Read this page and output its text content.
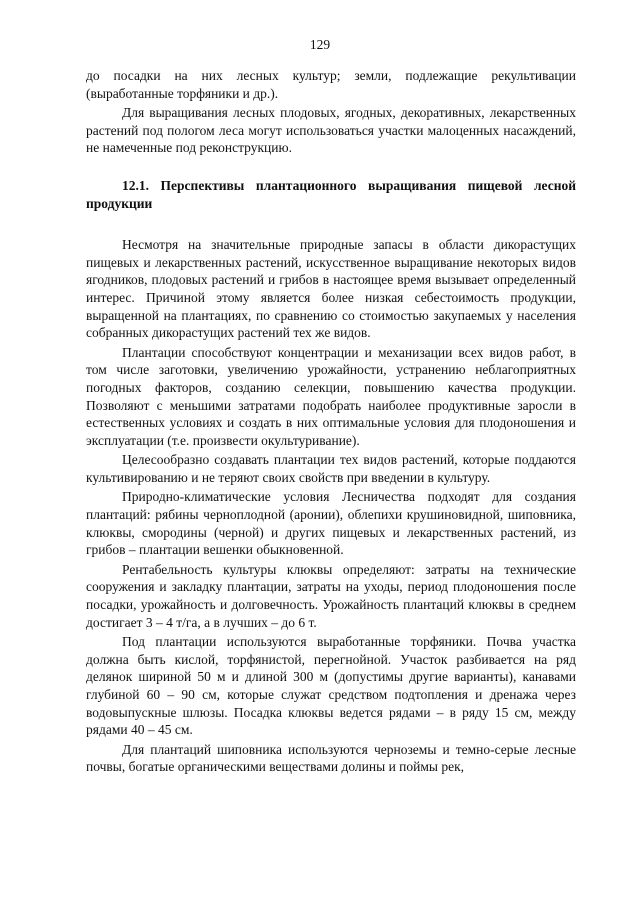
129

до посадки на них лесных культур; земли, подлежащие рекультивации (выработанные торфяники и др.).

Для выращивания лесных плодовых, ягодных, декоративных, лекарственных растений под пологом леса могут использоваться участки малоценных насаждений, не намеченные под реконструкцию.

12.1. Перспективы плантационного выращивания пищевой лесной продукции

Несмотря на значительные природные запасы в области дикорастущих пищевых и лекарственных растений, искусственное выращивание некоторых видов ягодников, плодовых растений и грибов в настоящее время вызывает определенный интерес. Причиной этому является более низкая себестоимость продукции, выращенной на плантациях, по сравнению со стоимостью закупаемых у населения собранных дикорастущих растений тех же видов.

Плантации способствуют концентрации и механизации всех видов работ, в том числе заготовки, увеличению урожайности, устранению неблагоприятных погодных факторов, созданию селекции, повышению качества продукции. Позволяют с меньшими затратами подобрать наиболее продуктивные заросли в естественных условиях и создать в них оптимальные условия для плодоношения и эксплуатации (т.е. произвести окультуривание).

Целесообразно создавать плантации тех видов растений, которые поддаются культивированию и не теряют своих свойств при введении в культуру.

Природно-климатические условия Лесничества подходят для создания плантаций: рябины черноплодной (аронии), облепихи крушиновидной, шиповника, клюквы, смородины (черной) и других пищевых и лекарственных растений, из грибов – плантации вешенки обыкновенной.

Рентабельность культуры клюквы определяют: затраты на технические сооружения и закладку плантации, затраты на уходы, период плодоношения после посадки, урожайность и долговечность. Урожайность плантаций клюквы в среднем достигает 3 – 4 т/га, а в лучших – до 6 т.

Под плантации используются выработанные торфяники. Почва участка должна быть кислой, торфянистой, перегнойной. Участок разбивается на ряд делянок шириной 50 м и длиной 300 м (допустимы другие варианты), канавами глубиной 60 – 90 см, которые служат средством подтопления и дренажа через водовыпускные шлюзы. Посадка клюквы ведется рядами – в ряду 15 см, между рядами 40 – 45 см.

Для плантаций шиповника используются черноземы и темно-серые лесные почвы, богатые органическими веществами долины и поймы рек,
